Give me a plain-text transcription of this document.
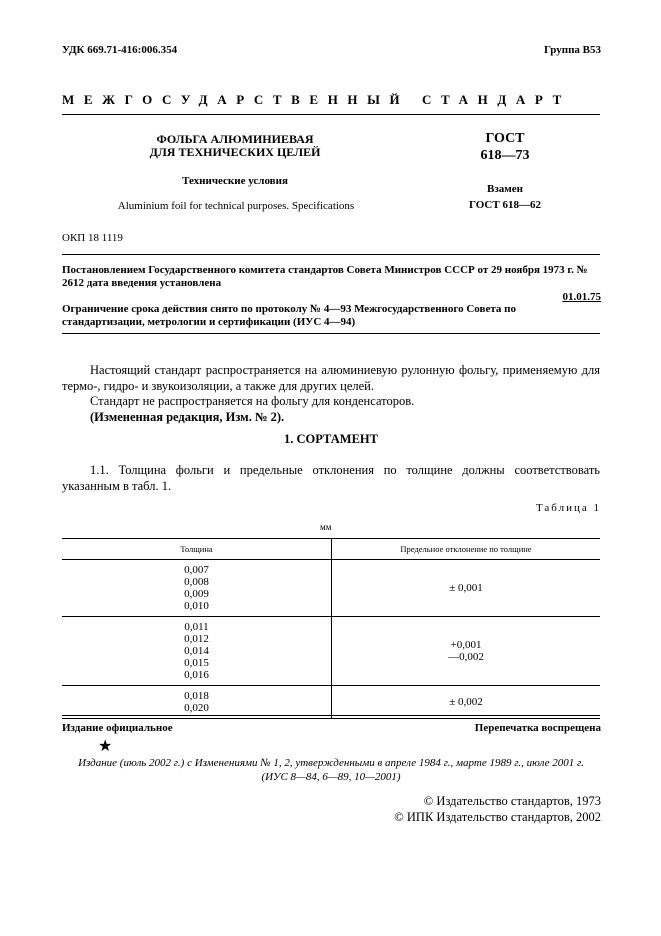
УДК 669.71-416:006.354	Группа В53
МЕЖГОСУДАРСТВЕННЫЙ СТАНДАРТ
ФОЛЬГА АЛЮМИНИЕВАЯ
ДЛЯ ТЕХНИЧЕСКИХ ЦЕЛЕЙ
Технические условия
Aluminium foil for technical purposes. Specifications
ГОСТ
618—73
Взамен
ГОСТ 618—62
ОКП 18 1119
Постановлением Государственного комитета стандартов Совета Министров СССР от 29 ноября 1973 г. № 2612 дата введения установлена
01.01.75
Ограничение срока действия снято по протоколу № 4—93 Межгосударственного Совета по стандартизации, метрологии и сертификации (ИУС 4—94)
Настоящий стандарт распространяется на алюминиевую рулонную фольгу, применяемую для термо-, гидро- и звукоизоляции, а также для других целей.
Стандарт не распространяется на фольгу для конденсаторов.
(Измененная редакция, Изм. № 2).
1. СОРТАМЕНТ
1.1. Толщина фольги и предельные отклонения по толщине должны соответствовать указанным в табл. 1.
Таблица 1
мм
Толщина	Предельное отклонение по толщине
0,007
0,008
0,009
0,010	± 0,001
0,011
0,012
0,014
0,015
0,016	+0,001
—0,002
0,018
0,020	± 0,002
Издание официальное	Перепечатка воспрещена
★
Издание (июль 2002 г.) с Изменениями № 1, 2, утвержденными в апреле 1984 г., марте 1989 г., июле 2001 г.
(ИУС 8—84, 6—89, 10—2001)
© Издательство стандартов, 1973
© ИПК Издательство стандартов, 2002
